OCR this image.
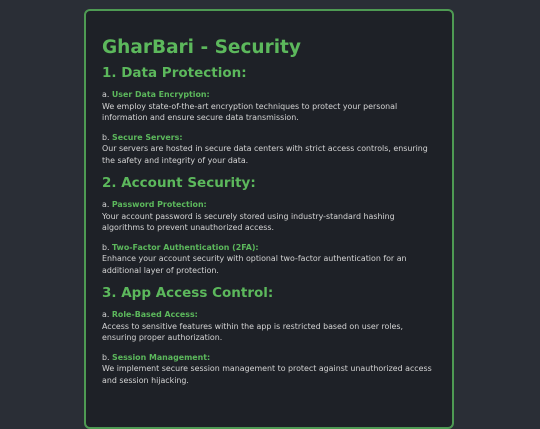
GharBari - Security
1. Data Protection:
a. User Data Encryption:
We employ state-of-the-art encryption techniques to protect your personal information and ensure secure data transmission.
b. Secure Servers:
Our servers are hosted in secure data centers with strict access controls, ensuring the safety and integrity of your data.
2. Account Security:
a. Password Protection:
Your account password is securely stored using industry-standard hashing algorithms to prevent unauthorized access.
b. Two-Factor Authentication (2FA):
Enhance your account security with optional two-factor authentication for an additional layer of protection.
3. App Access Control:
a. Role-Based Access:
Access to sensitive features within the app is restricted based on user roles, ensuring proper authorization.
b. Session Management:
We implement secure session management to protect against unauthorized access and session hijacking.
